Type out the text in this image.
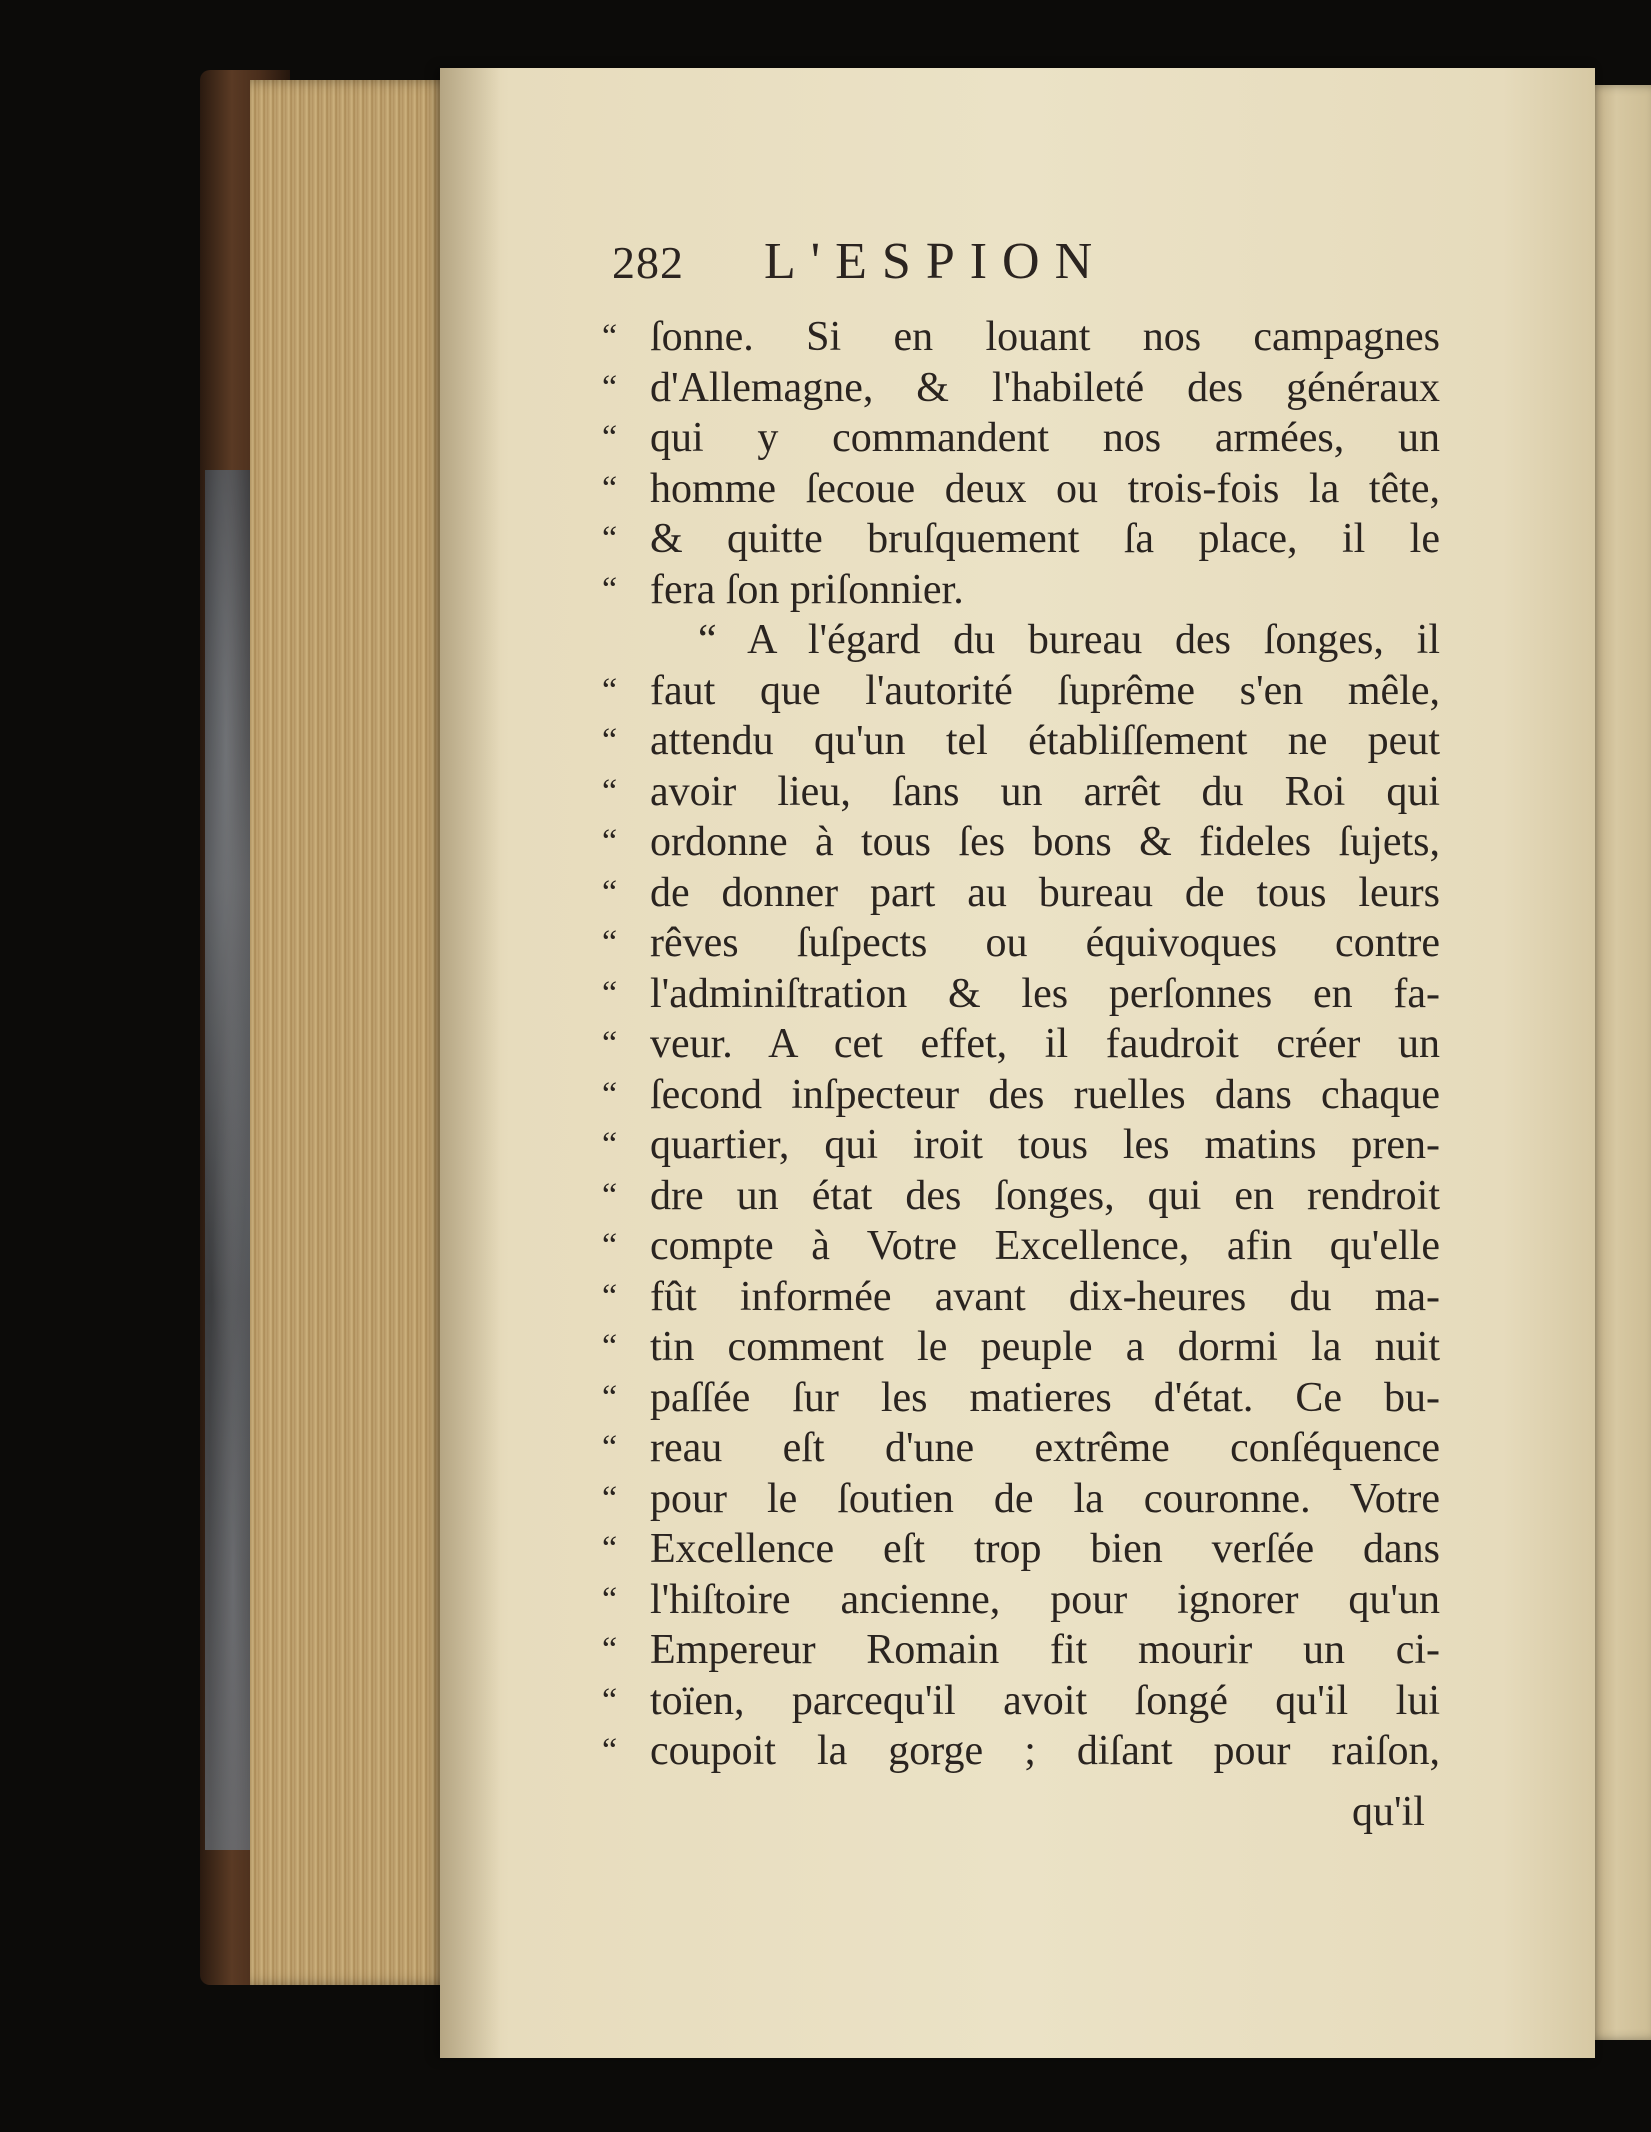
282 L'ESPION
“ ſonne. Si en louant nos campagnes
“ d'Allemagne, & l'habileté des généraux
“ qui y commandent nos armées, un
“ homme ſecoue deux ou trois-fois la tête,
“ & quitte bruſquement ſa place, il le
“ fera ſon priſonnier.
“ A l'égard du bureau des ſonges, il
“ faut que l'autorité ſuprême s'en mêle,
“ attendu qu'un tel établiſſement ne peut
“ avoir lieu, ſans un arrêt du Roi qui
“ ordonne à tous ſes bons & fideles ſujets,
“ de donner part au bureau de tous leurs
“ rêves ſuſpects ou équivoques contre
“ l'adminiſtration & les perſonnes en fa-
“ veur. A cet effet, il faudroit créer un
“ ſecond inſpecteur des ruelles dans chaque
“ quartier, qui iroit tous les matins pren-
“ dre un état des ſonges, qui en rendroit
“ compte à Votre Excellence, afin qu'elle
“ fût informée avant dix-heures du ma-
“ tin comment le peuple a dormi la nuit
“ paſſée ſur les matieres d'état. Ce bu-
“ reau eſt d'une extrême conſéquence
“ pour le ſoutien de la couronne. Votre
“ Excellence eſt trop bien verſée dans
“ l'hiſtoire ancienne, pour ignorer qu'un
“ Empereur Romain fit mourir un ci-
“ toïen, parcequ'il avoit ſongé qu'il lui
“ coupoit la gorge ; diſant pour raiſon,
qu'il
